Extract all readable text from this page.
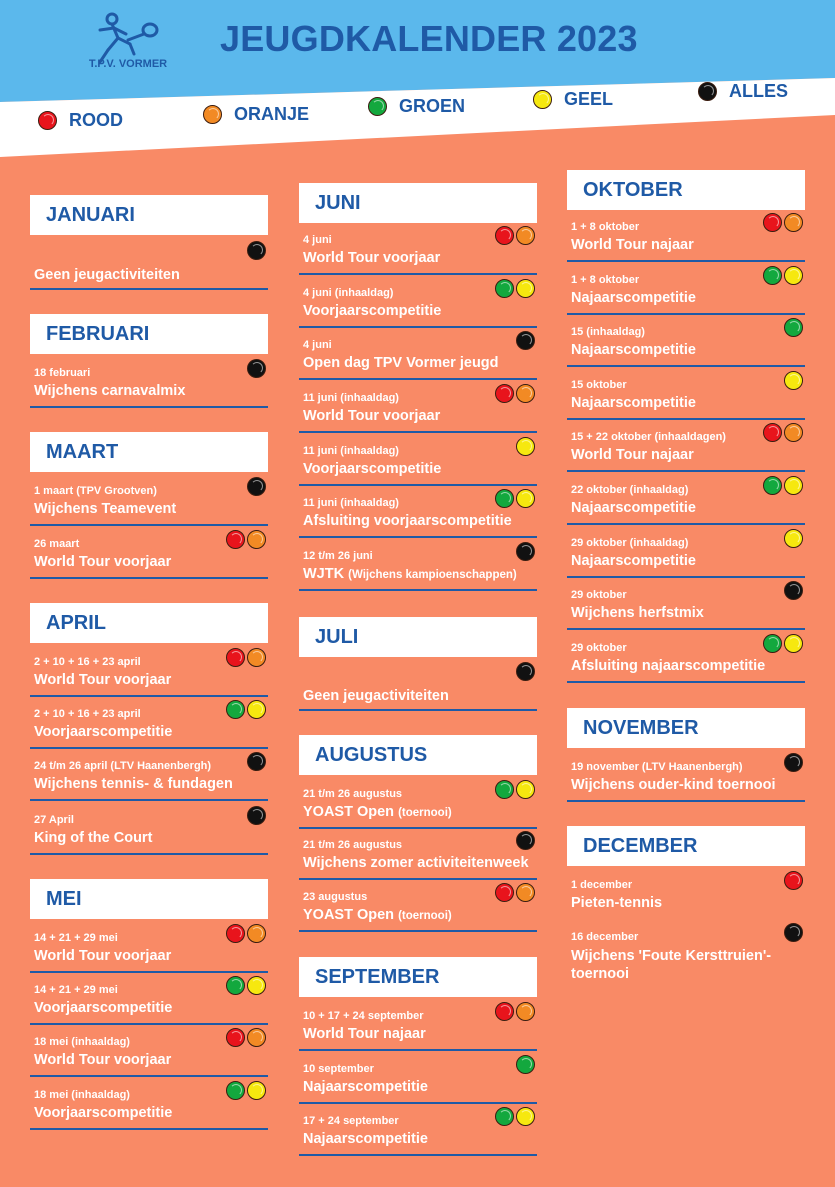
T.P.V. VORMER
JEUGDKALENDER 2023
ROOD	ORANJE	GROEN	GEEL	ALLES
JANUARI
Geen jeugactiviteiten
FEBRUARI
18 februari
Wijchens carnavalmix
MAART
1 maart (TPV Grootven)
Wijchens Teamevent
26 maart
World Tour voorjaar
APRIL
2 + 10 + 16 + 23 april
World Tour voorjaar
2 + 10 + 16 + 23 april
Voorjaarscompetitie
24 t/m 26 april (LTV Haanenbergh)
Wijchens tennis- & fundagen
27 April
King of the Court
MEI
14 + 21 + 29 mei
World Tour voorjaar
14 + 21 + 29 mei
Voorjaarscompetitie
18 mei (inhaaldag)
World Tour voorjaar
18 mei (inhaaldag)
Voorjaarscompetitie
JUNI
4 juni
World Tour voorjaar
4 juni (inhaaldag)
Voorjaarscompetitie
4 juni
Open dag TPV Vormer jeugd
11 juni (inhaaldag)
World Tour voorjaar
11 juni (inhaaldag)
Voorjaarscompetitie
11 juni (inhaaldag)
Afsluiting voorjaarscompetitie
12 t/m 26 juni
WJTK (Wijchens kampioenschappen)
JULI
Geen jeugactiviteiten
AUGUSTUS
21 t/m 26 augustus
YOAST Open (toernooi)
21 t/m 26 augustus
Wijchens zomer activiteitenweek
23 augustus
YOAST Open (toernooi)
SEPTEMBER
10 + 17 + 24 september
World Tour najaar
10 september
Najaarscompetitie
17 + 24 september
Najaarscompetitie
OKTOBER
1 + 8 oktober
World Tour najaar
1 + 8 oktober
Najaarscompetitie
15 (inhaaldag)
Najaarscompetitie
15 oktober
Najaarscompetitie
15 + 22 oktober (inhaaldagen)
World Tour najaar
22 oktober (inhaaldag)
Najaarscompetitie
29 oktober (inhaaldag)
Najaarscompetitie
29 oktober
Wijchens herfstmix
29 oktober
Afsluiting najaarscompetitie
NOVEMBER
19 november (LTV Haanenbergh)
Wijchens ouder-kind toernooi
DECEMBER
1 december
Pieten-tennis
16 december
Wijchens 'Foute Kersttruien'-toernooi
